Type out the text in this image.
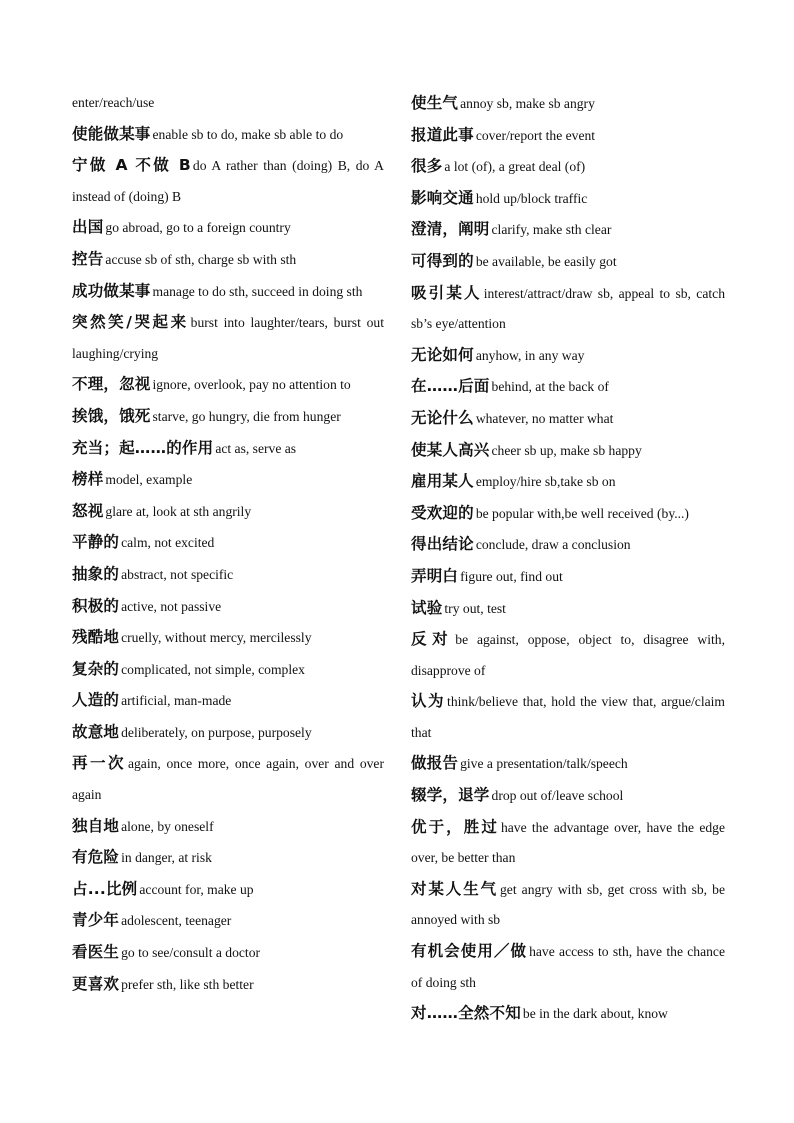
enter/reach/use
使能做某事 enable sb to do, make sb able to do
宁做 A 不做 B do A rather than (doing) B, do A instead of (doing) B
出国 go abroad, go to a foreign country
控告 accuse sb of sth, charge sb with sth
成功做某事 manage to do sth, succeed in doing sth
突然笑/哭起来 burst into laughter/tears, burst out laughing/crying
不理，忽视 ignore, overlook, pay no attention to
挨饿，饿死 starve, go hungry, die from hunger
充当；起……的作用 act as, serve as
榜样 model, example
怒视 glare at, look at sth angrily
平静的 calm, not excited
抽象的 abstract, not specific
积极的 active, not passive
残酷地 cruelly, without mercy, mercilessly
复杂的 complicated, not simple, complex
人造的 artificial, man-made
故意地 deliberately, on purpose, purposely
再一次 again, once more, once again, over and over again
独自地 alone, by oneself
有危险 in danger, at risk
占...比例 account for, make up
青少年 adolescent, teenager
看医生 go to see/consult a doctor
更喜欢 prefer sth, like sth better
使生气 annoy sb, make sb angry
报道此事 cover/report the event
很多 a lot (of), a great deal (of)
影响交通 hold up/block traffic
澄清，阐明 clarify, make sth clear
可得到的 be available, be easily got
吸引某人 interest/attract/draw sb, appeal to sb, catch sb’s eye/attention
无论如何 anyhow, in any way
在……后面 behind, at the back of
无论什么 whatever, no matter what
使某人高兴 cheer sb up, make sb happy
雇用某人 employ/hire sb,take sb on
受欢迎的 be popular with,be well received (by...)
得出结论 conclude, draw a conclusion
弄明白 figure out, find out
试验 try out, test
反对 be against, oppose, object to, disagree with, disapprove of
认为 think/believe that, hold the view that, argue/claim that
做报告 give a presentation/talk/speech
辍学，退学 drop out of/leave school
优于，胜过 have the advantage over, have the edge over, be better than
对某人生气 get angry with sb, get cross with sb, be annoyed with sb
有机会使用／做 have access to sth, have the chance of doing sth
对……全然不知 be in the dark about, know
